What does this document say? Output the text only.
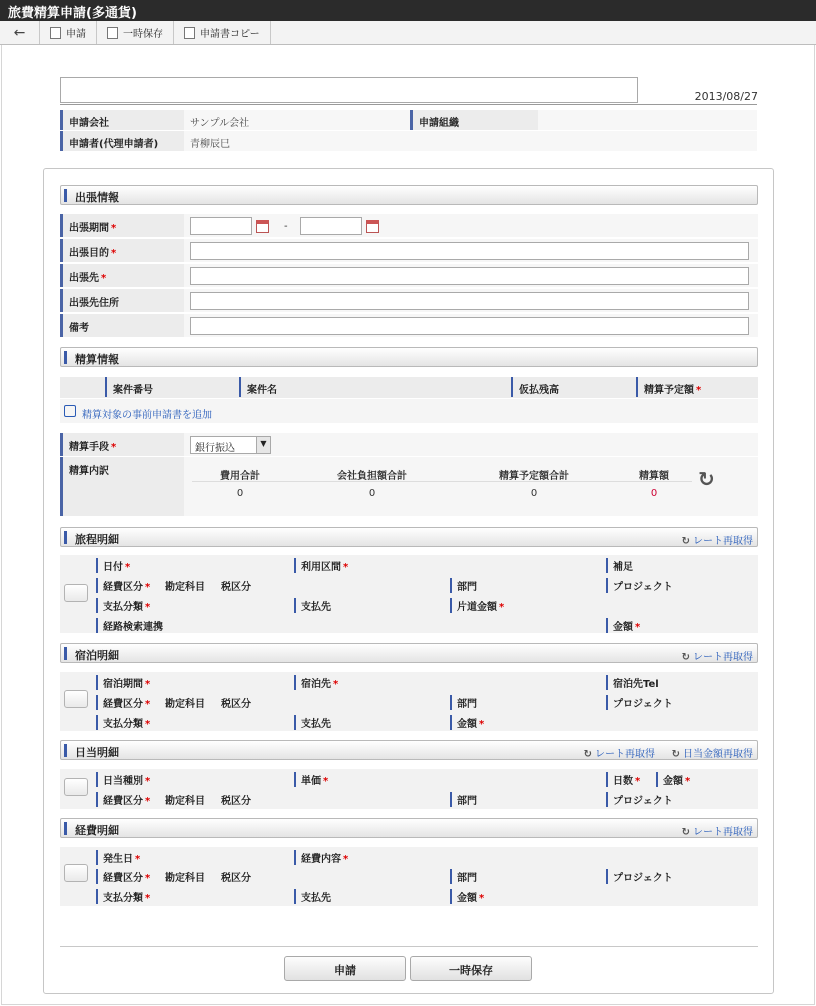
旅費精算申請(多通貨)
←	申請	一時保存	申請書コピー
2013/08/27
申請会社	サンプル会社	申請組織
申請者(代理申請者)	青柳辰巳
出張情報
出張期間 *	-
出張目的 *
出張先 *
出張先住所
備考
精算情報
案件番号	案件名	仮払残高	精算予定額 *
精算対象の事前申請書を追加
精算手段 *	銀行振込	▼
精算内訳	費用合計	会社負担額合計	精算予定額合計	精算額
0	0	0	0
↻
旅程明細	↻ レート再取得
日付 *	利用区間 *	補足
経費区分 *	勘定科目	税区分	部門	プロジェクト
支払分類 *	支払先	片道金額 *
経路検索連携	金額 *
宿泊明細	↻ レート再取得
宿泊期間 *	宿泊先 *	宿泊先Tel
経費区分 *	勘定科目	税区分	部門	プロジェクト
支払分類 *	支払先	金額 *
日当明細	↻ レート再取得	↻ 日当金額再取得
日当種別 *	単価 *	日数 *	金額 *
経費区分 *	勘定科目	税区分	部門	プロジェクト
経費明細	↻ レート再取得
発生日 *	経費内容 *
経費区分 *	勘定科目	税区分	部門	プロジェクト
支払分類 *	支払先	金額 *
申請	一時保存
